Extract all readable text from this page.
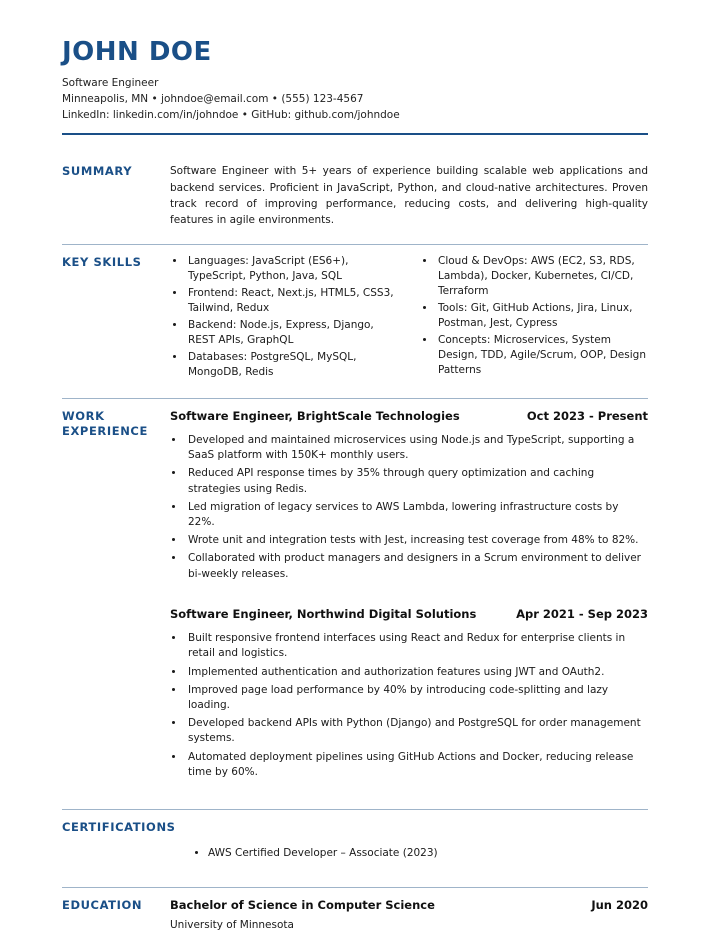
JOHN DOE
Software Engineer
Minneapolis, MN • johndoe@email.com • (555) 123-4567
LinkedIn: linkedin.com/in/johndoe • GitHub: github.com/johndoe
SUMMARY	Software Engineer with 5+ years of experience building scalable web applications and backend services. Proficient in JavaScript, Python, and cloud-native architectures. Proven track record of improving performance, reducing costs, and delivering high-quality features in agile environments.
KEY SKILLS	• Languages: JavaScript (ES6+), TypeScript, Python, Java, SQL
• Frontend: React, Next.js, HTML5, CSS3, Tailwind, Redux
• Backend: Node.js, Express, Django, REST APIs, GraphQL
• Databases: PostgreSQL, MySQL, MongoDB, Redis
• Cloud & DevOps: AWS (EC2, S3, RDS, Lambda), Docker, Kubernetes, CI/CD, Terraform
• Tools: Git, GitHub Actions, Jira, Linux, Postman, Jest, Cypress
• Concepts: Microservices, System Design, TDD, Agile/Scrum, OOP, Design Patterns
WORK
EXPERIENCE
Software Engineer, BrightScale Technologies	Oct 2023 - Present
• Developed and maintained microservices using Node.js and TypeScript, supporting a SaaS platform with 150K+ monthly users.
• Reduced API response times by 35% through query optimization and caching strategies using Redis.
• Led migration of legacy services to AWS Lambda, lowering infrastructure costs by 22%.
• Wrote unit and integration tests with Jest, increasing test coverage from 48% to 82%.
• Collaborated with product managers and designers in a Scrum environment to deliver bi-weekly releases.
Software Engineer, Northwind Digital Solutions	Apr 2021 - Sep 2023
• Built responsive frontend interfaces using React and Redux for enterprise clients in retail and logistics.
• Implemented authentication and authorization features using JWT and OAuth2.
• Improved page load performance by 40% by introducing code-splitting and lazy loading.
• Developed backend APIs with Python (Django) and PostgreSQL for order management systems.
• Automated deployment pipelines using GitHub Actions and Docker, reducing release time by 60%.
CERTIFICATIONS
• AWS Certified Developer – Associate (2023)
EDUCATION	Bachelor of Science in Computer Science	Jun 2020
University of Minnesota
